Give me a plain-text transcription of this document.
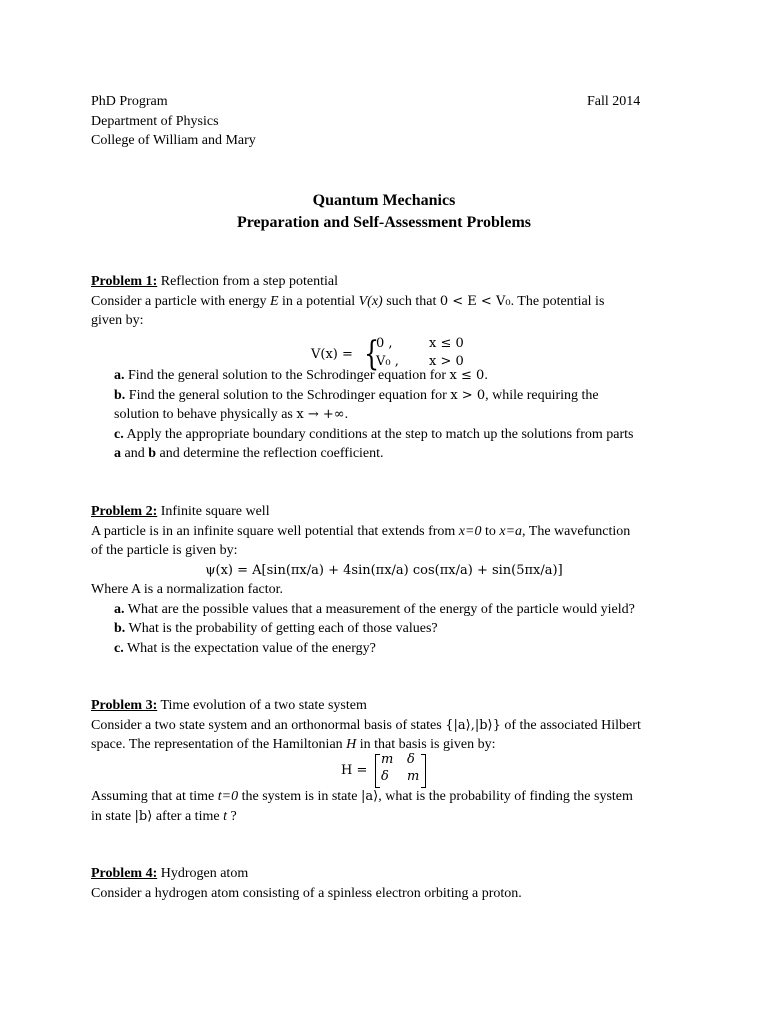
PhD Program
Department of Physics
College of William and Mary
Fall 2014
Quantum Mechanics
Preparation and Self-Assessment Problems
Problem 1: Reflection from a step potential
Consider a particle with energy E in a potential V(x) such that 0 < E < V₀. The potential is
given by:
V(x) = {
0 ,	x ≤ 0
V₀ , x > 0
a. Find the general solution to the Schrodinger equation for x ≤ 0.
b. Find the general solution to the Schrodinger equation for x > 0, while requiring the
solution to behave physically as x → +∞.
c. Apply the appropriate boundary conditions at the step to match up the solutions from parts
a and b and determine the reflection coefficient.
Problem 2: Infinite square well
A particle is in an infinite square well potential that extends from x=0 to x=a, The wavefunction
of the particle is given by:
ψ(x) = A[sin(πx/a) + 4sin(πx/a) cos(πx/a) + sin(5πx/a)]
Where A is a normalization factor.
a. What are the possible values that a measurement of the energy of the particle would yield?
b. What is the probability of getting each of those values?
c. What is the expectation value of the energy?
Problem 3: Time evolution of a two state system
Consider a two state system and an orthonormal basis of states {|a⟩,|b⟩} of the associated Hilbert
space. The representation of the Hamiltonian H in that basis is given by:
H =
m δ
δ m
Assuming that at time t=0 the system is in state |a⟩, what is the probability of finding the system
in state |b⟩ after a time t ?
Problem 4: Hydrogen atom
Consider a hydrogen atom consisting of a spinless electron orbiting a proton.
